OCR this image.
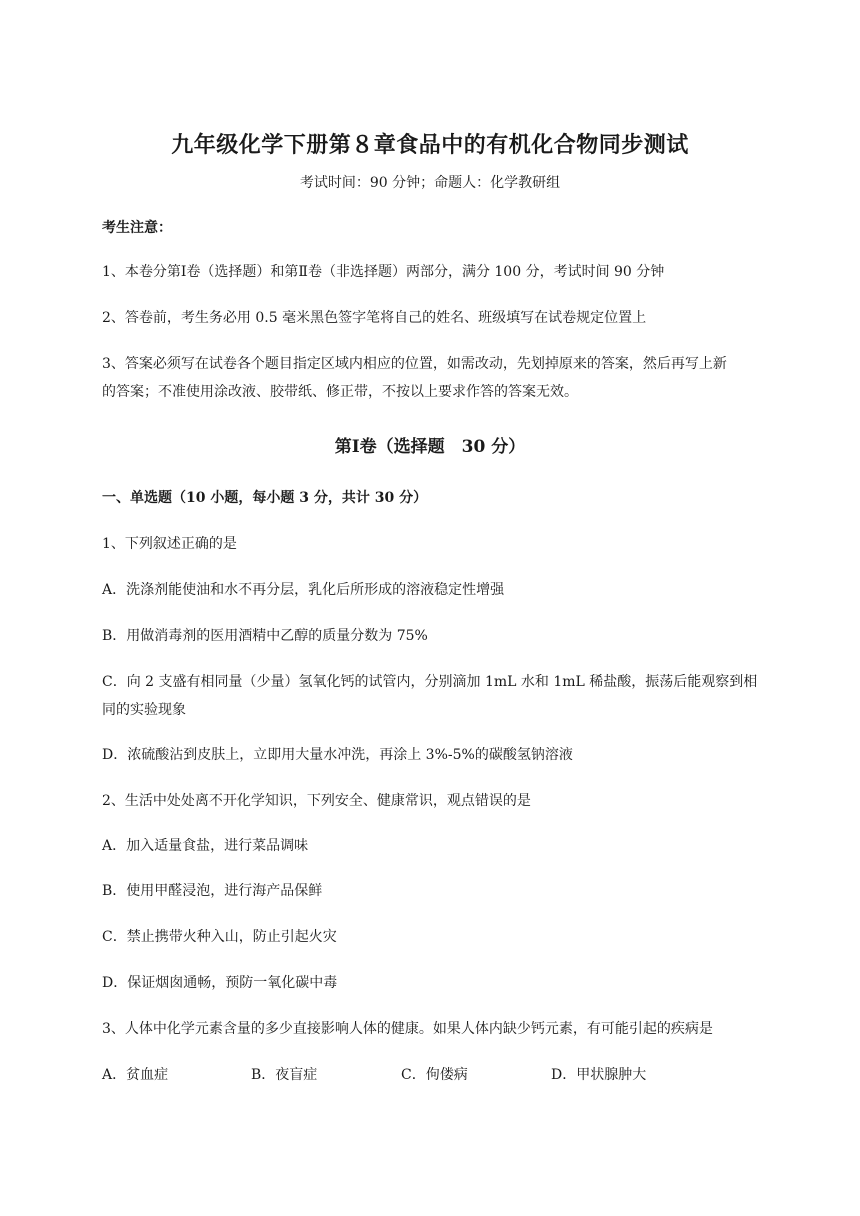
九年级化学下册第８章食品中的有机化合物同步测试
考试时间：90 分钟；命题人：化学教研组
考生注意：
1、本卷分第Ⅰ卷（选择题）和第Ⅱ卷（非选择题）两部分，满分 100 分，考试时间 90 分钟
2、答卷前，考生务必用 0.5 毫米黑色签字笔将自己的姓名、班级填写在试卷规定位置上
3、答案必须写在试卷各个题目指定区域内相应的位置，如需改动，先划掉原来的答案，然后再写上新
的答案；不准使用涂改液、胶带纸、修正带，不按以上要求作答的答案无效。
第Ⅰ卷（选择题　30 分）
一、单选题（10 小题，每小题 3 分，共计 30 分）
1、下列叙述正确的是
A．洗涤剂能使油和水不再分层，乳化后所形成的溶液稳定性增强
B．用做消毒剂的医用酒精中乙醇的质量分数为 75%
C．向 2 支盛有相同量（少量）氢氧化钙的试管内，分别滴加 1mL 水和 1mL 稀盐酸，振荡后能观察到相
同的实验现象
D．浓硫酸沾到皮肤上，立即用大量水冲洗，再涂上 3%-5%的碳酸氢钠溶液
2、生活中处处离不开化学知识，下列安全、健康常识，观点错误的是
A．加入适量食盐，进行菜品调味
B．使用甲醛浸泡，进行海产品保鲜
C．禁止携带火种入山，防止引起火灾
D．保证烟囱通畅，预防一氧化碳中毒
3、人体中化学元素含量的多少直接影响人体的健康。如果人体内缺少钙元素，有可能引起的疾病是
A．贫血症	B．夜盲症	C．佝偻病	D．甲状腺肿大
